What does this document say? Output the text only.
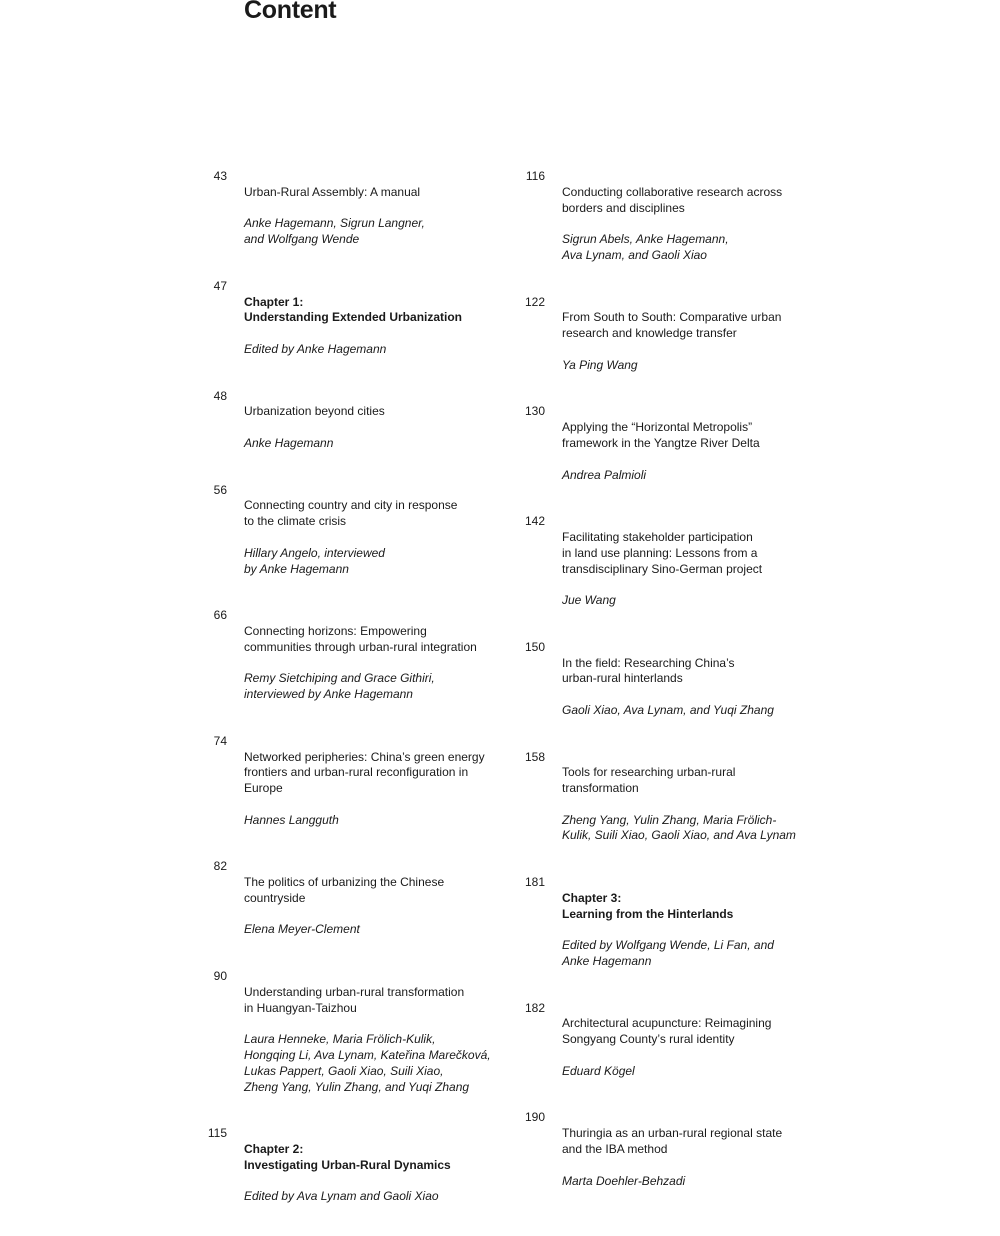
Content
43

Urban-Rural Assembly: A manual

Anke Hagemann, Sigrun Langner,
and Wolfgang Wende

47

Chapter 1:
Understanding Extended Urbanization

Edited by Anke Hagemann

48

Urbanization beyond cities

Anke Hagemann

56

Connecting country and city in response
to the climate crisis

Hillary Angelo, interviewed
by Anke Hagemann

66

Connecting horizons: Empowering
communities through urban-rural integration

Remy Sietchiping and Grace Githiri,
interviewed by Anke Hagemann

74

Networked peripheries: China’s green energy
frontiers and urban-rural reconfiguration in
Europe

Hannes Langguth

82

The politics of urbanizing the Chinese
countryside

Elena Meyer-Clement

90

Understanding urban-rural transformation
in Huangyan-Taizhou

Laura Henneke, Maria Frölich-Kulik,
Hongqing Li, Ava Lynam, Kateřina Marečková,
Lukas Pappert, Gaoli Xiao, Suili Xiao,
Zheng Yang, Yulin Zhang, and Yuqi Zhang

115

Chapter 2:
Investigating Urban-Rural Dynamics

Edited by Ava Lynam and Gaoli Xiao

116

Conducting collaborative research across
borders and disciplines

Sigrun Abels, Anke Hagemann,
Ava Lynam, and Gaoli Xiao

122

From South to South: Comparative urban
research and knowledge transfer

Ya Ping Wang

130

Applying the “Horizontal Metropolis”
framework in the Yangtze River Delta

Andrea Palmioli

142

Facilitating stakeholder participation
in land use planning: Lessons from a
transdisciplinary Sino-German project

Jue Wang

150

In the field: Researching China’s
urban-rural hinterlands

Gaoli Xiao, Ava Lynam, and Yuqi Zhang

158

Tools for researching urban-rural
transformation

Zheng Yang, Yulin Zhang, Maria Frölich-
Kulik, Suili Xiao, Gaoli Xiao, and Ava Lynam

181

Chapter 3:
Learning from the Hinterlands

Edited by Wolfgang Wende, Li Fan, and
Anke Hagemann

182

Architectural acupuncture: Reimagining
Songyang County’s rural identity

Eduard Kögel

190

Thuringia as an urban-rural regional state
and the IBA method

Marta Doehler-Behzadi
